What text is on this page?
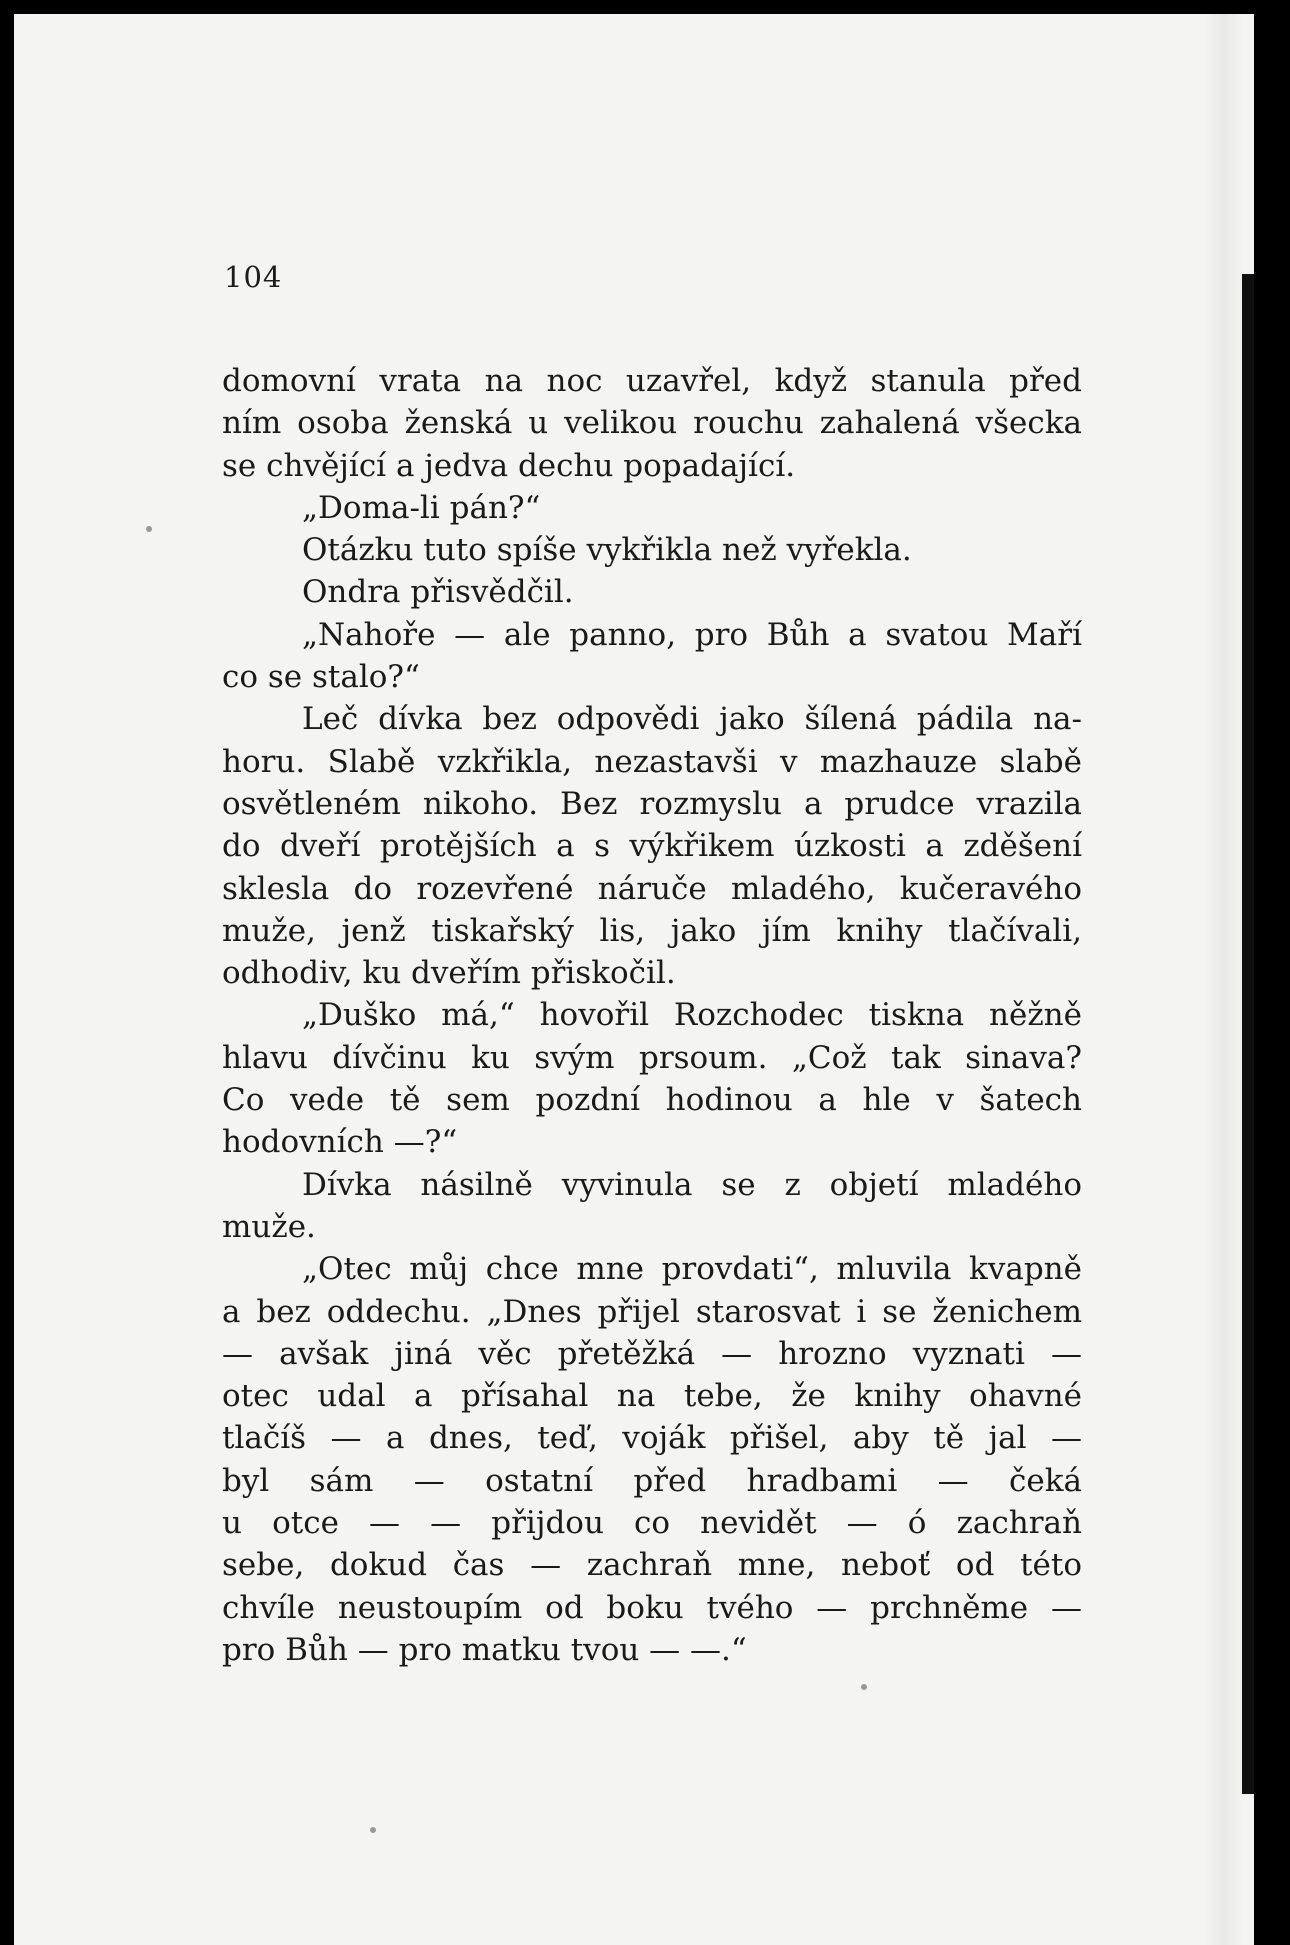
104
domovní vrata na noc uzavřel, když stanula před
ním osoba ženská u velikou rouchu zahalená všecka
se chvějící a jedva dechu popadající.
„Doma-li pán?“
Otázku tuto spíše vykřikla než vyřekla.
Ondra přisvědčil.
„Nahoře — ale panno, pro Bůh a svatou Maří
co se stalo?“
Leč dívka bez odpovědi jako šílená pádila na-
horu. Slabě vzkřikla, nezastavši v mazhauze slabě
osvětleném nikoho. Bez rozmyslu a prudce vrazila
do dveří protějších a s výkřikem úzkosti a zděšení
sklesla do rozevřené náruče mladého, kučeravého
muže, jenž tiskařský lis, jako jím knihy tlačívali,
odhodiv, ku dveřím přiskočil.
„Duško má,“ hovořil Rozchodec tiskna něžně
hlavu dívčinu ku svým prsoum. „Což tak sinava?
Co vede tě sem pozdní hodinou a hle v šatech
hodovních —?“
Dívka násilně vyvinula se z objetí mladého
muže.
„Otec můj chce mne provdati“, mluvila kvapně
a bez oddechu. „Dnes přijel starosvat i se ženichem
— avšak jiná věc přetěžká — hrozno vyznati —
otec udal a přísahal na tebe, že knihy ohavné
tlačíš — a dnes, teď, voják přišel, aby tě jal —
byl sám — ostatní před hradbami — čeká
u otce — — přijdou co nevidět — ó zachraň
sebe, dokud čas — zachraň mne, neboť od této
chvíle neustoupím od boku tvého — prchněme —
pro Bůh — pro matku tvou — —.“
